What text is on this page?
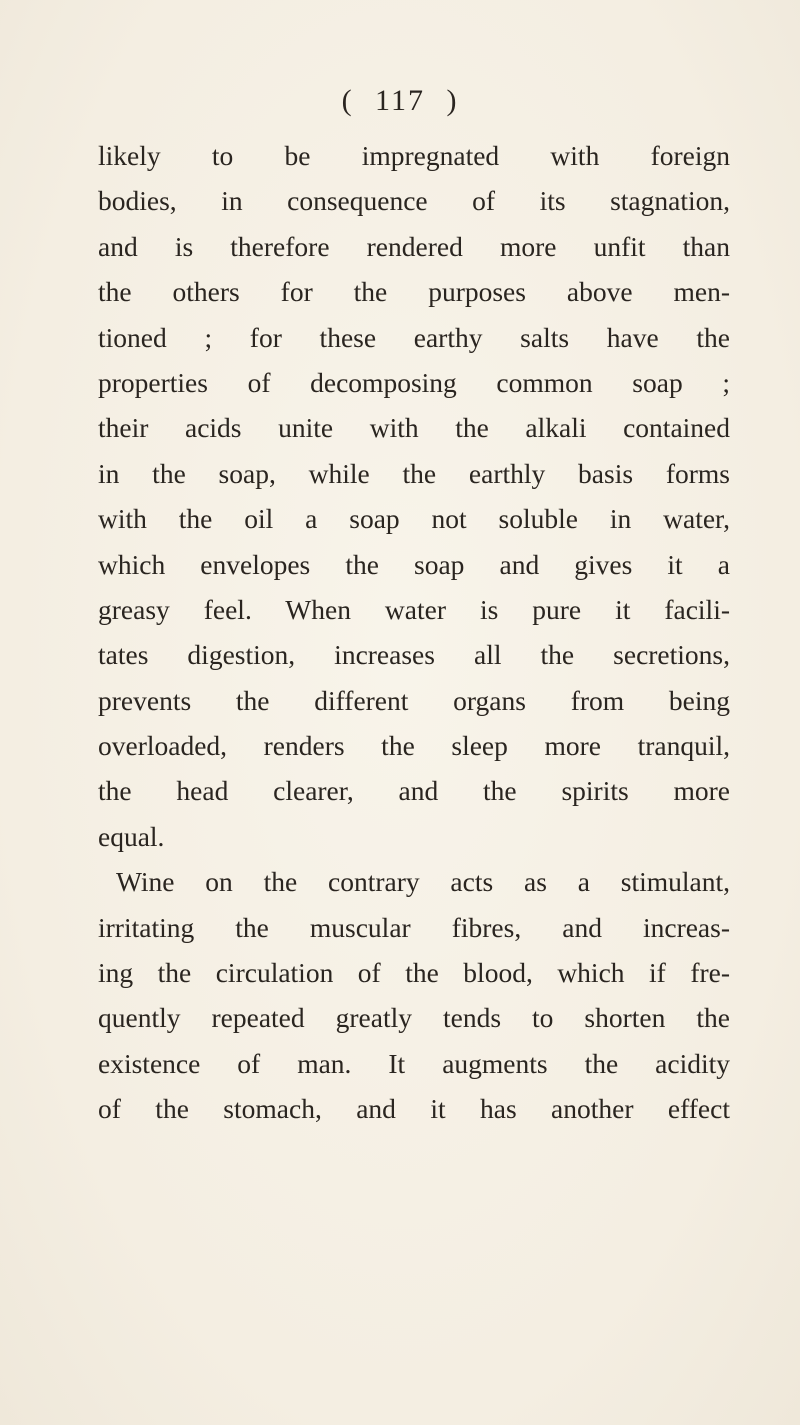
( 117 )
likely to be impregnated with foreign
bodies, in consequence of its stagnation,
and is therefore rendered more unfit than
the others for the purposes above men-
tioned ; for these earthy salts have the
properties of decomposing common soap ;
their acids unite with the alkali contained
in the soap, while the earthly basis forms
with the oil a soap not soluble in water,
which envelopes the soap and gives it a
greasy feel. When water is pure it facili-
tates digestion, increases all the secretions,
prevents the different organs from being
overloaded, renders the sleep more tranquil,
the head clearer, and the spirits more
equal.
Wine on the contrary acts as a stimulant,
irritating the muscular fibres, and increas-
ing the circulation of the blood, which if fre-
quently repeated greatly tends to shorten the
existence of man. It augments the acidity
of the stomach, and it has another effect
